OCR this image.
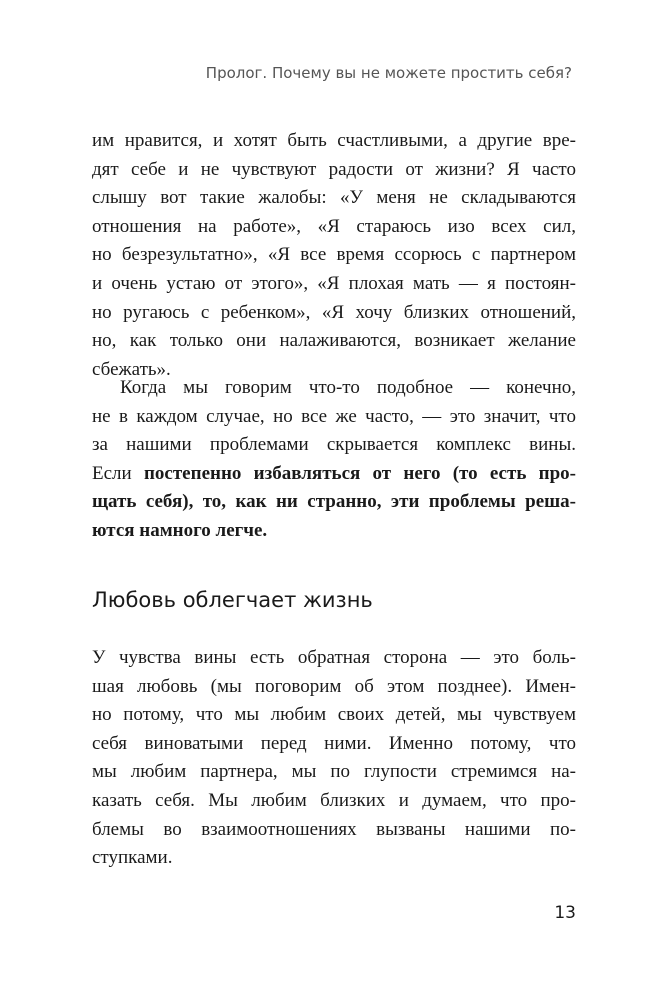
Пролог. Почему вы не можете простить себя?
им нравится, и хотят быть счастливыми, а другие вре-
дят себе и не чувствуют радости от жизни? Я часто
слышу вот такие жалобы: «У меня не складываются
отношения на работе», «Я стараюсь изо всех сил,
но безрезультатно», «Я все время ссорюсь с партнером
и очень устаю от этого», «Я плохая мать — я постоян-
но ругаюсь с ребенком», «Я хочу близких отношений,
но, как только они налаживаются, возникает желание
сбежать».
Когда мы говорим что-то подобное — конечно,
не в каждом случае, но все же часто, — это значит, что
за нашими проблемами скрывается комплекс вины.
Если постепенно избавляться от него (то есть про-
щать себя), то, как ни странно, эти проблемы реша-
ются намного легче.
Любовь облегчает жизнь
У чувства вины есть обратная сторона — это боль-
шая любовь (мы поговорим об этом позднее). Имен-
но потому, что мы любим своих детей, мы чувствуем
себя виноватыми перед ними. Именно потому, что
мы любим партнера, мы по глупости стремимся на-
казать себя. Мы любим близких и думаем, что про-
блемы во взаимоотношениях вызваны нашими по-
ступками.
13
